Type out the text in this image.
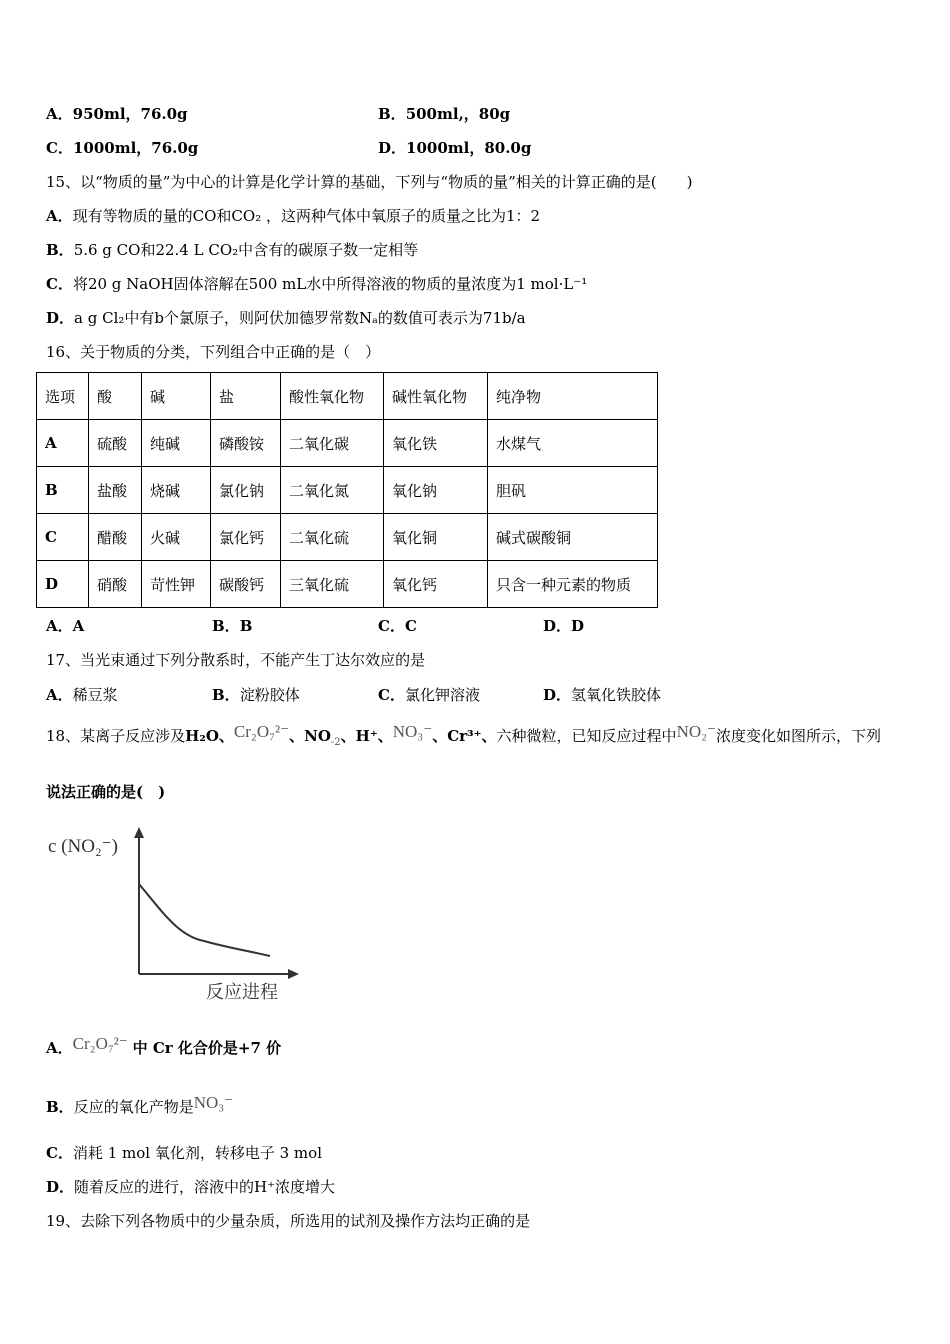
A．950ml，76.0g	B．500ml,，80g
C．1000ml，76.0g	D．1000ml，80.0g
15、以“物质的量”为中心的计算是化学计算的基础，下列与“物质的量”相关的计算正确的是(　　)
A．现有等物质的量的CO和CO₂ ，这两种气体中氧原子的质量之比为1：2
B．5.6 g CO和22.4 L CO₂中含有的碳原子数一定相等
C．将20 g NaOH固体溶解在500 mL水中所得溶液的物质的量浓度为1 mol·L⁻¹
D．a g Cl₂中有b个氯原子，则阿伏加德罗常数Nₐ的数值可表示为71b/a
16、关于物质的分类，下列组合中正确的是（　）
选项	酸	碱	盐	酸性氧化物	碱性氧化物	纯净物
A	硫酸	纯碱	磷酸铵	二氧化碳	氧化铁	水煤气
B	盐酸	烧碱	氯化钠	二氧化氮	氧化钠	胆矾
C	醋酸	火碱	氯化钙	二氧化硫	氧化铜	碱式碳酸铜
D	硝酸	苛性钾	碳酸钙	三氧化硫	氧化钙	只含一种元素的物质
A．A	B．B	C．C	D．D
17、当光束通过下列分散系时，不能产生丁达尔效应的是
A．稀豆浆	B．淀粉胶体	C．氯化钾溶液	D．氢氧化铁胶体
18、某离子反应涉及H₂O、Cr₂O₇²⁻、$NO_{-2}$、H⁺、NO₃⁻、Cr³⁺、六种微粒，已知反应过程中NO₂⁻浓度变化如图所示，下列
说法正确的是(　)
c (NO₂⁻)
反应进程
A．Cr₂O₇²⁻ 中 Cr 化合价是+7 价
B．反应的氧化产物是NO₃⁻
C．消耗 1 mol 氧化剂，转移电子 3 mol
D．随着反应的进行，溶液中的H⁺浓度增大
19、去除下列各物质中的少量杂质，所选用的试剂及操作方法均正确的是
